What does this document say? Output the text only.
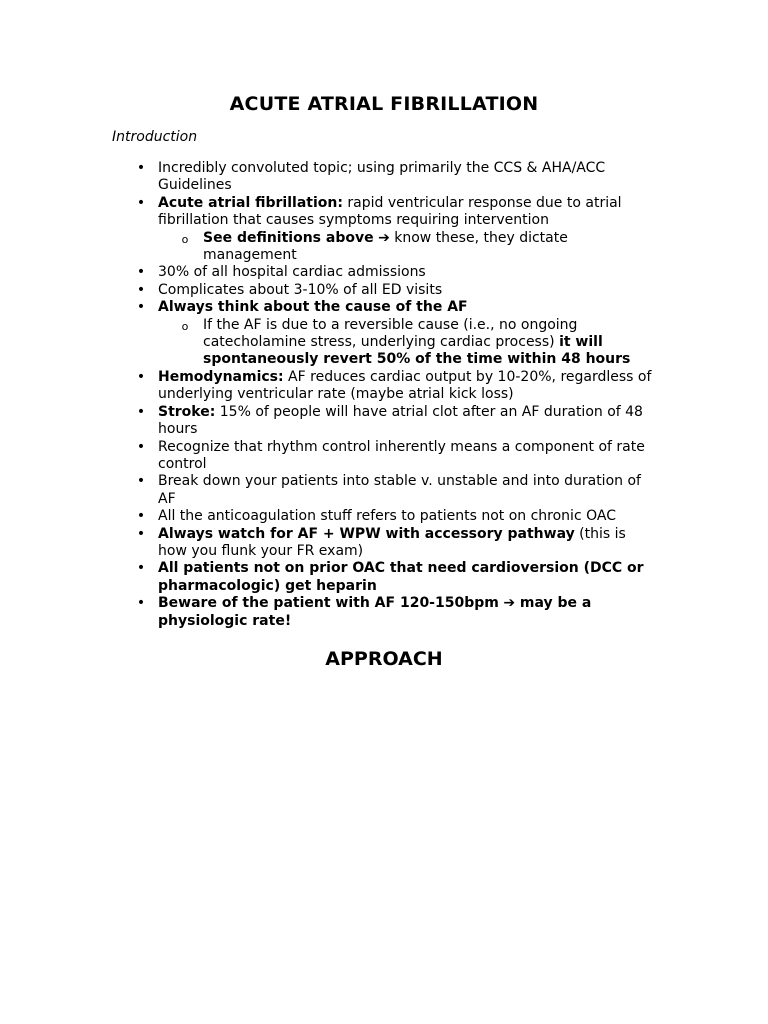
ACUTE ATRIAL FIBRILLATION
Introduction
• Incredibly convoluted topic; using primarily the CCS & AHA/ACC Guidelines
• Acute atrial fibrillation: rapid ventricular response due to atrial fibrillation that causes symptoms requiring intervention
o See definitions above ➔ know these, they dictate management
• 30% of all hospital cardiac admissions
• Complicates about 3-10% of all ED visits
• Always think about the cause of the AF
o If the AF is due to a reversible cause (i.e., no ongoing catecholamine stress, underlying cardiac process) it will spontaneously revert 50% of the time within 48 hours
• Hemodynamics: AF reduces cardiac output by 10-20%, regardless of underlying ventricular rate (maybe atrial kick loss)
• Stroke: 15% of people will have atrial clot after an AF duration of 48 hours
• Recognize that rhythm control inherently means a component of rate control
• Break down your patients into stable v. unstable and into duration of AF
• All the anticoagulation stuff refers to patients not on chronic OAC
• Always watch for AF + WPW with accessory pathway (this is how you flunk your FR exam)
• All patients not on prior OAC that need cardioversion (DCC or pharmacologic) get heparin
• Beware of the patient with AF 120-150bpm ➔ may be a physiologic rate!
APPROACH
